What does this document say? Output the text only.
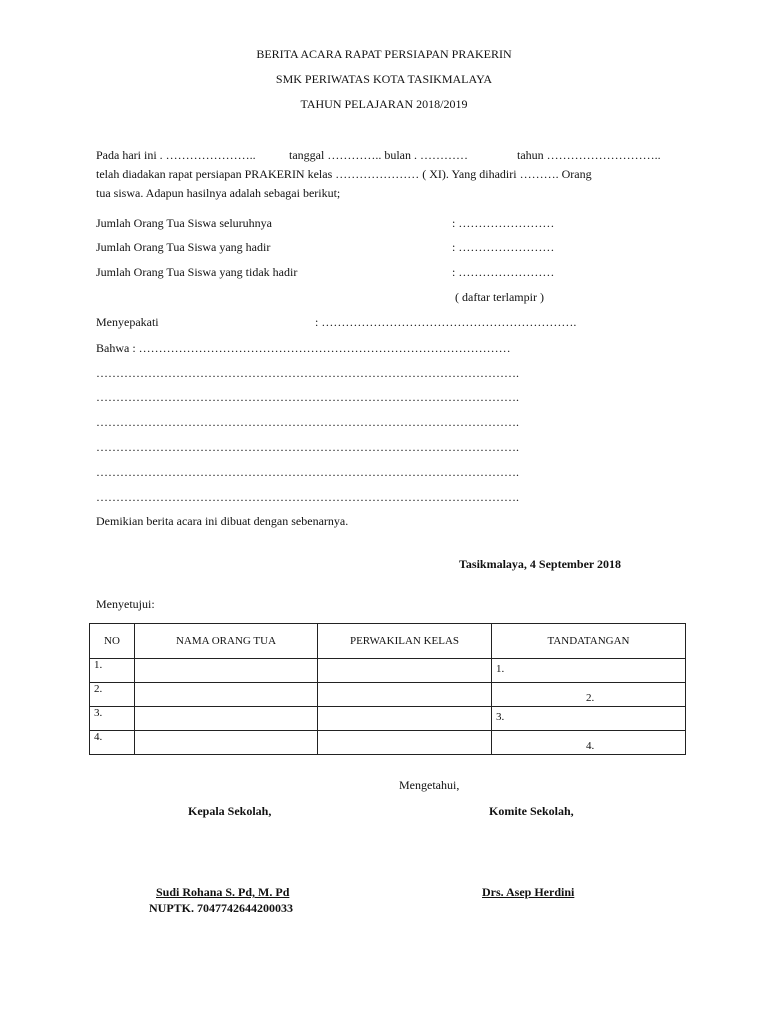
BERITA ACARA RAPAT PERSIAPAN PRAKERIN
SMK PERIWATAS KOTA TASIKMALAYA
TAHUN PELAJARAN 2018/2019
Pada hari ini . …………………..	tanggal ………….. bulan . …………	tahun ………………………..
telah diadakan rapat persiapan PRAKERIN kelas ………………… ( XI). Yang dihadiri ………. Orang
tua siswa. Adapun hasilnya adalah sebagai berikut;
Jumlah Orang Tua Siswa seluruhnya	: ……………………
Jumlah Orang Tua Siswa yang hadir	: ……………………
Jumlah Orang Tua Siswa yang tidak hadir	: ……………………
( daftar terlampir )
Menyepakati	: ……………………………………………………….
Bahwa : …………………………………………………………………………………
…………………………………………………………………………………………….
…………………………………………………………………………………………….
…………………………………………………………………………………………….
…………………………………………………………………………………………….
…………………………………………………………………………………………….
…………………………………………………………………………………………….
Demikian berita acara ini dibuat dengan sebenarnya.
Tasikmalaya, 4 September 2018
Menyetujui:
NO	NAMA ORANG TUA	PERWAKILAN KELAS	TANDATANGAN
1.			1.

2.			2.

3.			3.

4.			4.
Mengetahui,
Kepala Sekolah,	Komite Sekolah,
Sudi Rohana S. Pd, M. Pd
NUPTK. 7047742644200033
Drs. Asep Herdini
